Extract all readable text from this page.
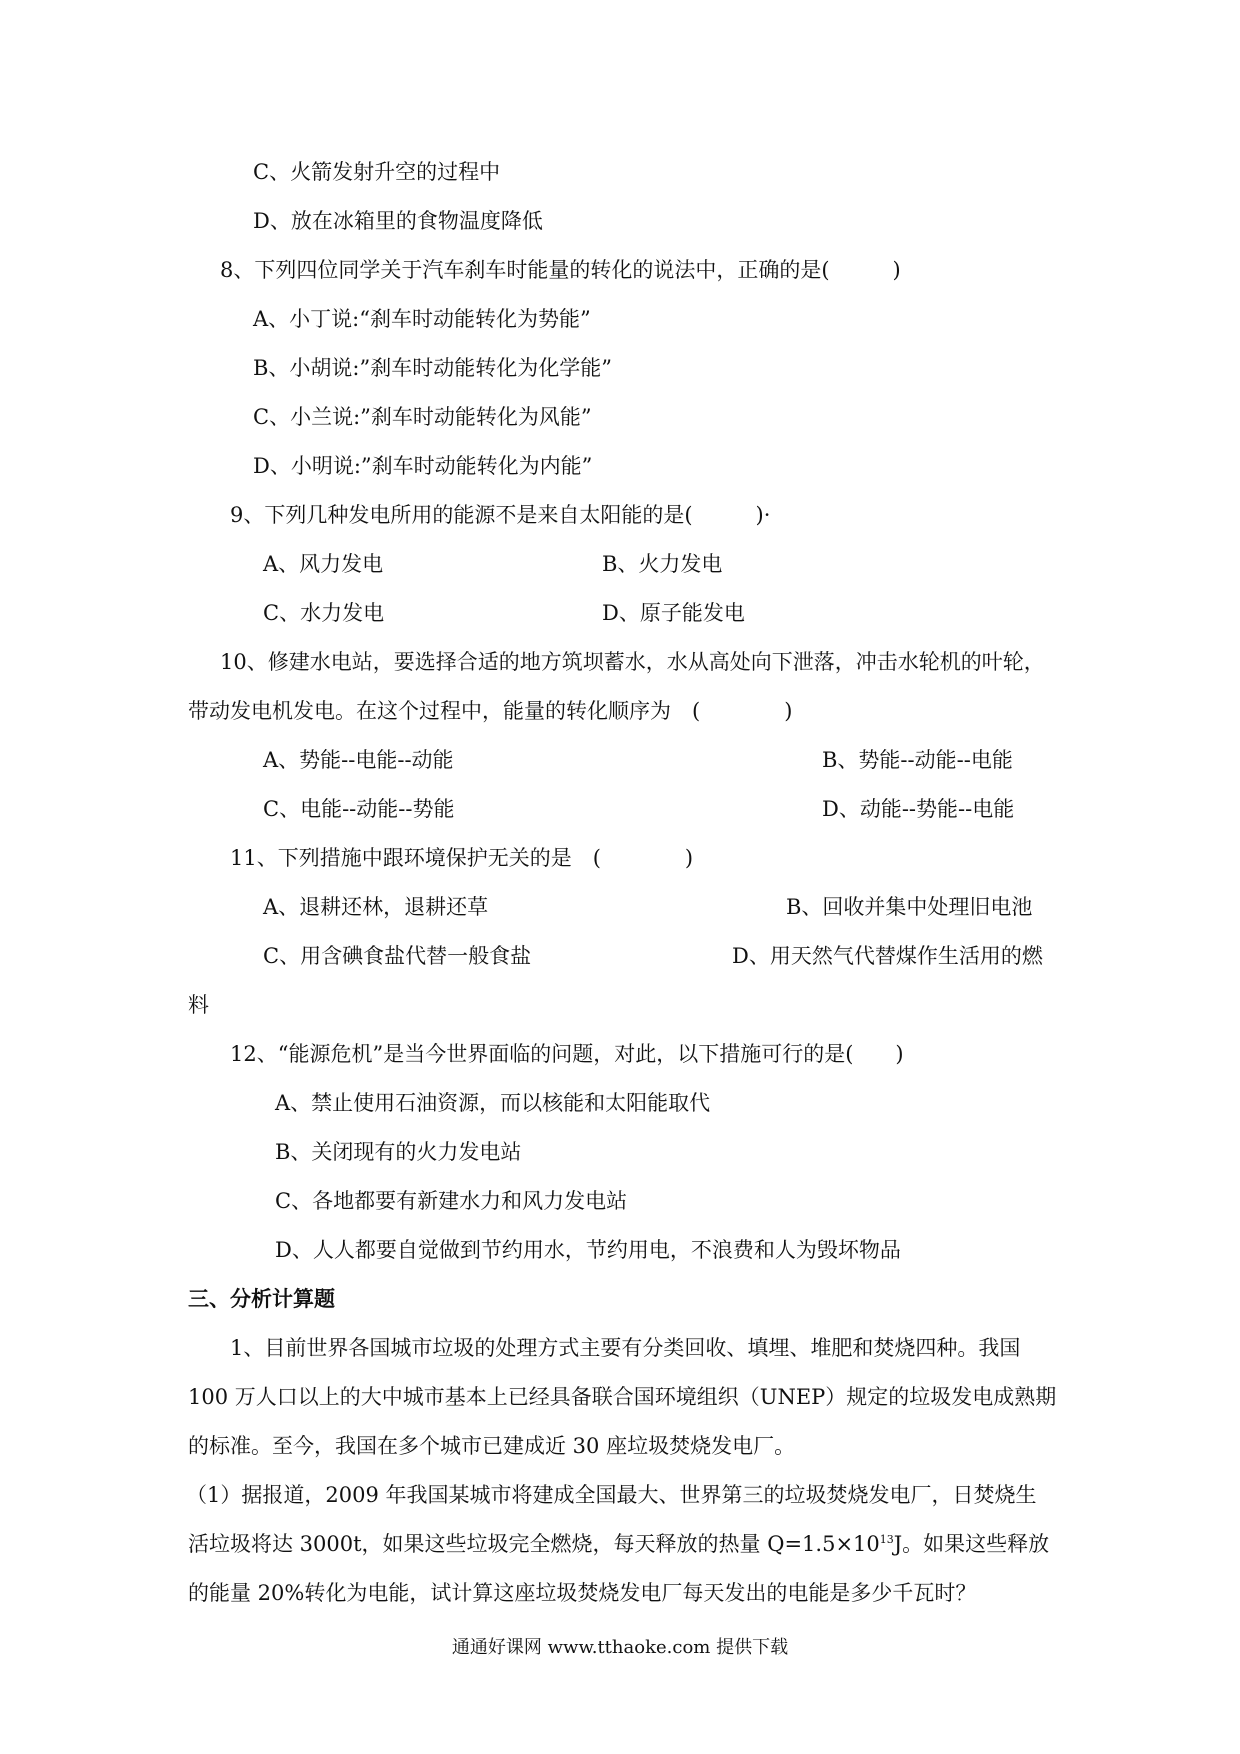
C、火箭发射升空的过程中
D、放在冰箱里的食物温度降低
8、下列四位同学关于汽车刹车时能量的转化的说法中，正确的是(　　　)
A、小丁说:“刹车时动能转化为势能”
B、小胡说:”刹车时动能转化为化学能”
C、小兰说:”刹车时动能转化为风能”
D、小明说:”刹车时动能转化为内能”
9、下列几种发电所用的能源不是来自太阳能的是(　　　)·
A、风力发电	B、火力发电
C、水力发电	D、原子能发电
10、修建水电站，要选择合适的地方筑坝蓄水，水从高处向下泄落，冲击水轮机的叶轮，
带动发电机发电。在这个过程中，能量的转化顺序为　(　　　　)
A、势能--电能--动能	B、势能--动能--电能
C、电能--动能--势能	D、动能--势能--电能
11、下列措施中跟环境保护无关的是　(　　　　)
A、退耕还林，退耕还草	B、回收并集中处理旧电池
C、用含碘食盐代替一般食盐	D、用天然气代替煤作生活用的燃
料
12、“能源危机”是当今世界面临的问题，对此，以下措施可行的是(　　)
A、禁止使用石油资源，而以核能和太阳能取代
B、关闭现有的火力发电站
C、各地都要有新建水力和风力发电站
D、人人都要自觉做到节约用水，节约用电，不浪费和人为毁坏物品
三、分析计算题
1、目前世界各国城市垃圾的处理方式主要有分类回收、填埋、堆肥和焚烧四种。我国
100 万人口以上的大中城市基本上已经具备联合国环境组织（UNEP）规定的垃圾发电成熟期
的标准。至今，我国在多个城市已建成近 30 座垃圾焚烧发电厂。
（1）据报道，2009 年我国某城市将建成全国最大、世界第三的垃圾焚烧发电厂，日焚烧生
活垃圾将达 3000t，如果这些垃圾完全燃烧，每天释放的热量 $Q=1.5\times 10^{13}J$。如果这些释放
的能量 20%转化为电能，试计算这座垃圾焚烧发电厂每天发出的电能是多少千瓦时？
通通好课网 www.tthaoke.com 提供下载
